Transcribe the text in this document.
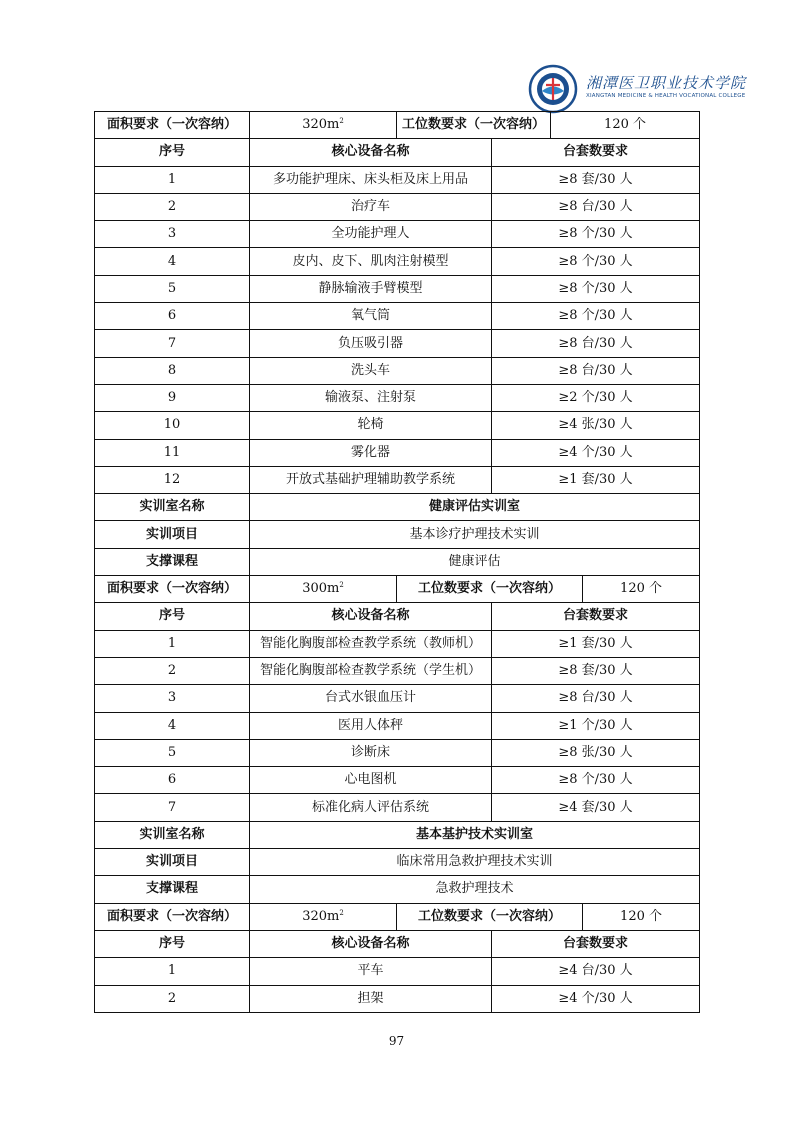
湘潭医卫职业技术学院
XIANGTAN MEDICINE & HEALTH VOCATIONAL COLLEGE
面积要求（一次容纳）	$320m^2$	工位数要求（一次容纳）		120 个	
序号	核心设备名称		台套数要求		
1	多功能护理床、床头柜及床上用品		≥8 套/30 人		
2	治疗车		≥8 台/30 人		
3	全功能护理人		≥8 个/30 人		
4	皮内、皮下、肌肉注射模型		≥8 个/30 人		
5	静脉输液手臂模型		≥8 个/30 人		
6	氧气筒		≥8 个/30 人		
7	负压吸引器		≥8 台/30 人		
8	洗头车		≥8 台/30 人		
9	输液泵、注射泵		≥2 个/30 人		
10	轮椅		≥4 张/30 人		
11	雾化器		≥4 个/30 人		
12	开放式基础护理辅助教学系统		≥1 套/30 人		
实训室名称	健康评估实训室				
实训项目	基本诊疗护理技术实训				
支撑课程	健康评估				
面积要求（一次容纳）	$300m^2$	工位数要求（一次容纳）			120 个
序号	核心设备名称		台套数要求		
1	智能化胸腹部检查教学系统（教师机）		≥1 套/30 人		
2	智能化胸腹部检查教学系统（学生机）		≥8 套/30 人		
3	台式水银血压计		≥8 台/30 人		
4	医用人体秤		≥1 个/30 人		
5	诊断床		≥8 张/30 人		
6	心电图机		≥8 个/30 人		
7	标准化病人评估系统		≥4 套/30 人		
实训室名称	基本基护技术实训室				
实训项目	临床常用急救护理技术实训				
支撑课程	急救护理技术				
面积要求（一次容纳）	$320m^2$	工位数要求（一次容纳）			120 个
序号	核心设备名称		台套数要求		
1	平车		≥4 台/30 人		
2	担架		≥4 个/30 人		
97
